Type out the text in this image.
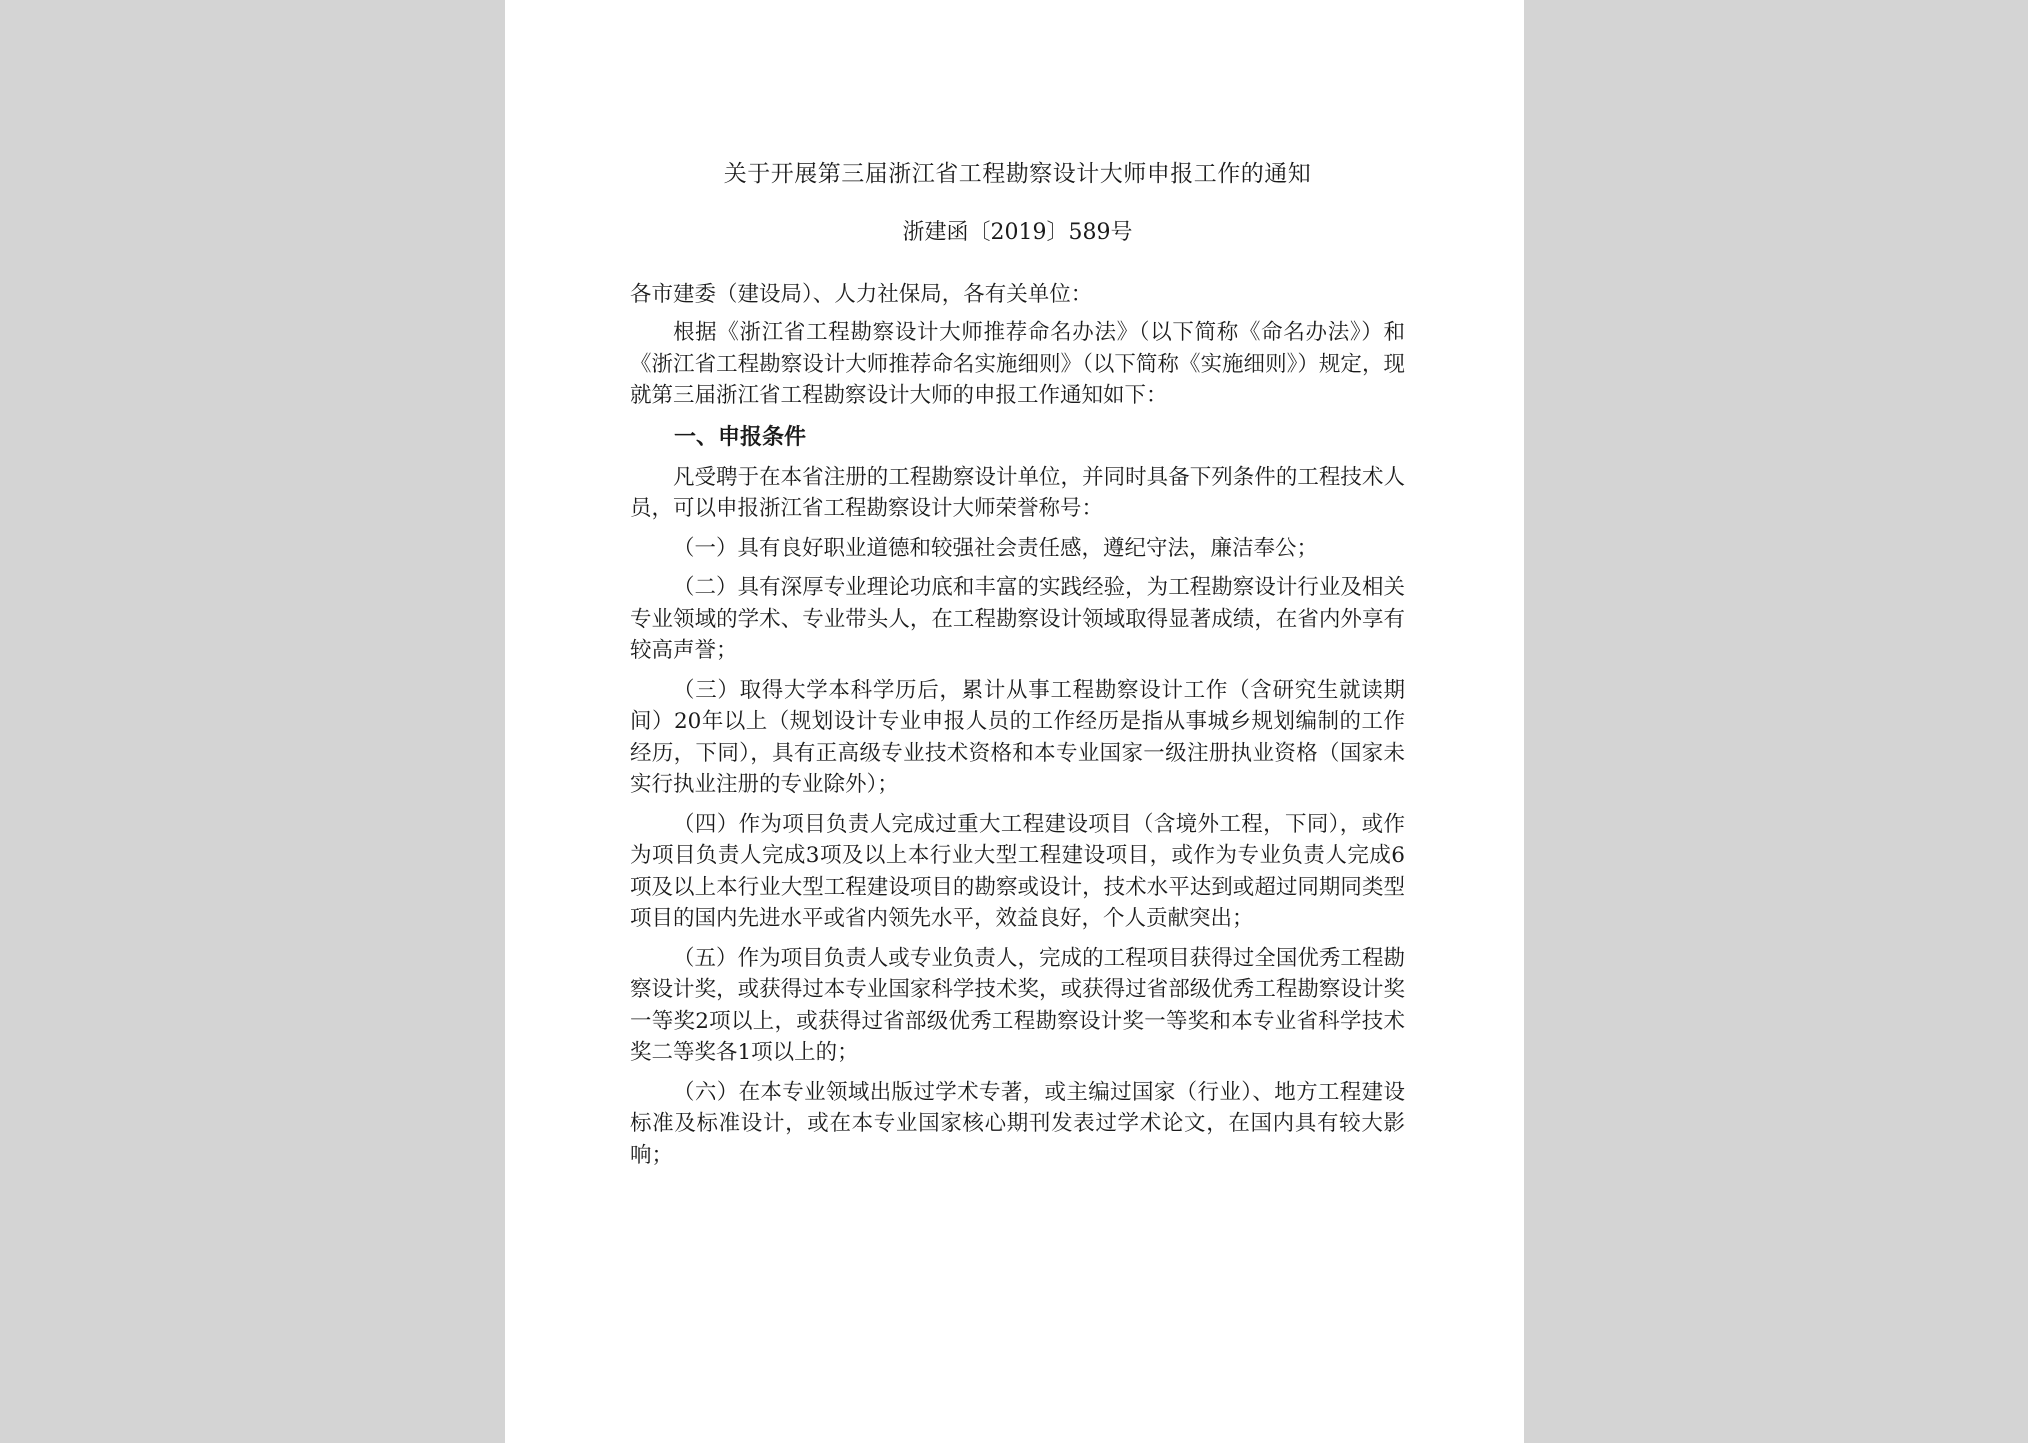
关于开展第三届浙江省工程勘察设计大师申报工作的通知

浙建函〔2019〕589号

各市建委（建设局）、人力社保局，各有关单位：

根据《浙江省工程勘察设计大师推荐命名办法》（以下简称《命名办法》）和《浙江省工程勘察设计大师推荐命名实施细则》（以下简称《实施细则》）规定，现就第三届浙江省工程勘察设计大师的申报工作通知如下：

一、申报条件

凡受聘于在本省注册的工程勘察设计单位，并同时具备下列条件的工程技术人员，可以申报浙江省工程勘察设计大师荣誉称号：

（一）具有良好职业道德和较强社会责任感，遵纪守法，廉洁奉公；

（二）具有深厚专业理论功底和丰富的实践经验，为工程勘察设计行业及相关专业领域的学术、专业带头人，在工程勘察设计领域取得显著成绩，在省内外享有较高声誉；

（三）取得大学本科学历后，累计从事工程勘察设计工作（含研究生就读期间）20年以上（规划设计专业申报人员的工作经历是指从事城乡规划编制的工作经历，下同），具有正高级专业技术资格和本专业国家一级注册执业资格（国家未实行执业注册的专业除外）；

（四）作为项目负责人完成过重大工程建设项目（含境外工程，下同），或作为项目负责人完成3项及以上本行业大型工程建设项目，或作为专业负责人完成6项及以上本行业大型工程建设项目的勘察或设计，技术水平达到或超过同期同类型项目的国内先进水平或省内领先水平，效益良好，个人贡献突出；

（五）作为项目负责人或专业负责人，完成的工程项目获得过全国优秀工程勘察设计奖，或获得过本专业国家科学技术奖，或获得过省部级优秀工程勘察设计奖一等奖2项以上，或获得过省部级优秀工程勘察设计奖一等奖和本专业省科学技术奖二等奖各1项以上的；

（六）在本专业领域出版过学术专著，或主编过国家（行业）、地方工程建设标准及标准设计，或在本专业国家核心期刊发表过学术论文，在国内具有较大影响；
